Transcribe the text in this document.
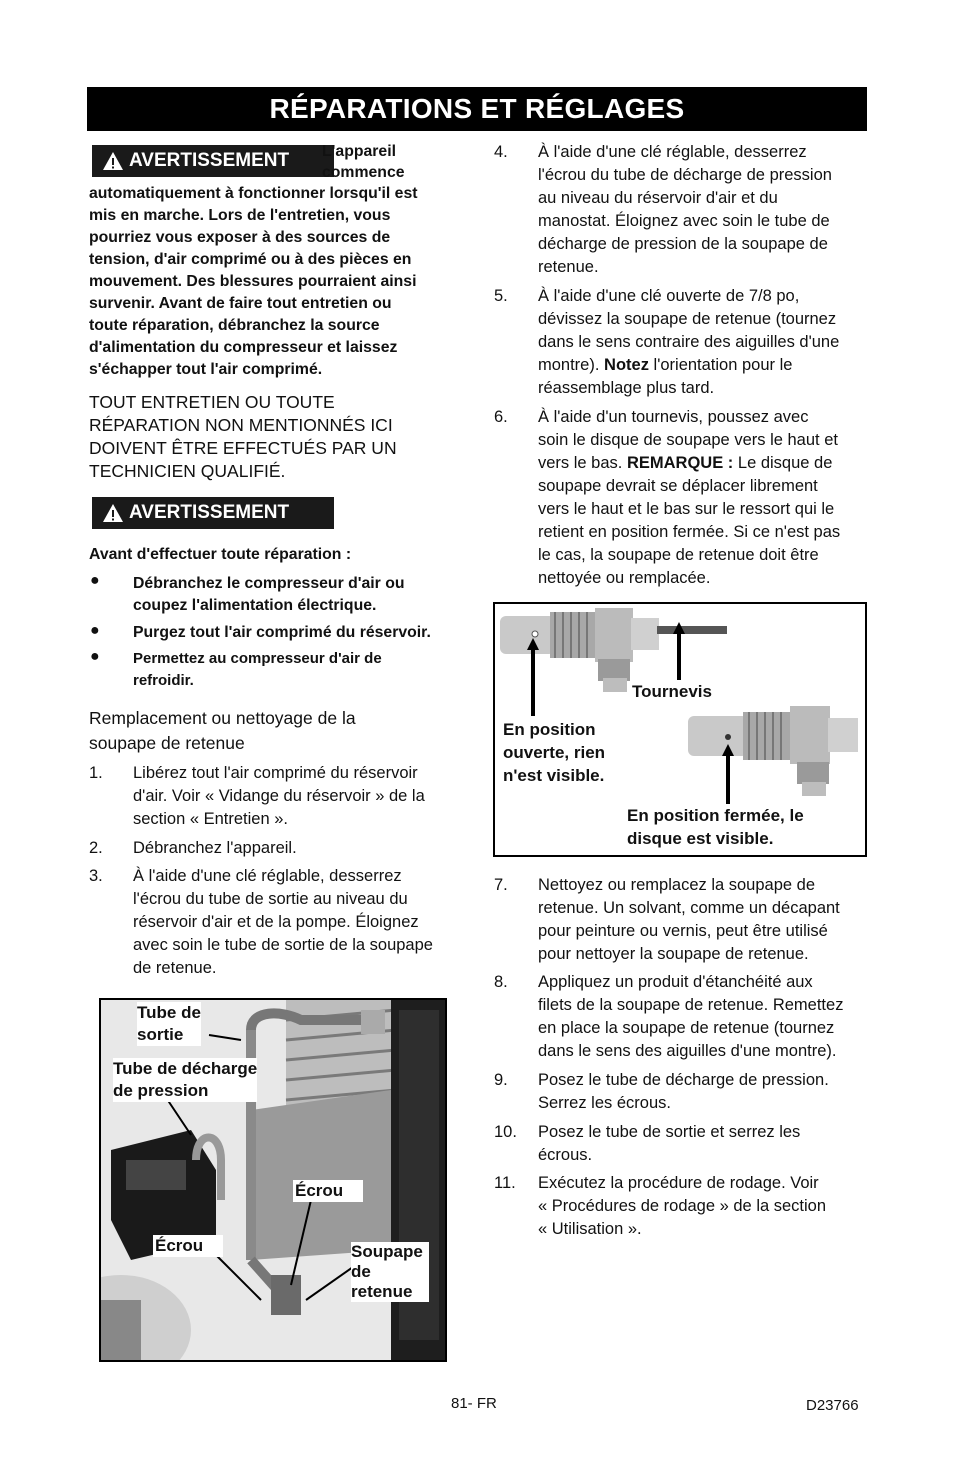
RÉPARATIONS ET RÉGLAGES
AVERTISSEMENT L'appareil
commence
automatiquement à fonctionner lorsqu'il est
mis en marche. Lors de l'entretien, vous
pourriez vous exposer à des sources de
tension, d'air comprimé ou à des pièces en
mouvement. Des blessures pourraient ainsi
survenir. Avant de faire tout entretien ou
toute réparation, débranchez la source
d'alimentation du compresseur et laissez
s'échapper tout l'air comprimé.
TOUT ENTRETIEN OU TOUTE
RÉPARATION NON MENTIONNÉS ICI
DOIVENT ÊTRE EFFECTUÉS PAR UN
TECHNICIEN QUALIFIÉ.
AVERTISSEMENT
Avant d'effectuer toute réparation :
● Débranchez le compresseur d'air ou
coupez l'alimentation électrique.
● Purgez tout l'air comprimé du réservoir.
● Permettez au compresseur d'air de
refroidir.
Remplacement ou nettoyage de la
soupape de retenue
1. Libérez tout l'air comprimé du réservoir
d'air. Voir « Vidange du réservoir » de la
section « Entretien ».
2. Débranchez l'appareil.
3. À l'aide d'une clé réglable, desserrez
l'écrou du tube de sortie au niveau du
réservoir d'air et de la pompe. Éloignez
avec soin le tube de sortie de la soupape
de retenue.
Tube de
sortie
Tube de décharge
de pression
Écrou
Écrou	Soupape
de
retenue
4. À l'aide d'une clé réglable, desserrez
l'écrou du tube de décharge de pression
au niveau du réservoir d'air et du
manostat. Éloignez avec soin le tube de
décharge de pression de la soupape de
retenue.
5. À l'aide d'une clé ouverte de 7/8 po,
dévissez la soupape de retenue (tournez
dans le sens contraire des aiguilles d'une
montre). Notez l'orientation pour le
réassemblage plus tard.
6. À l'aide d'un tournevis, poussez avec
soin le disque de soupape vers le haut et
vers le bas. REMARQUE : Le disque de
soupape devrait se déplacer librement
vers le haut et le bas sur le ressort qui le
retient en position fermée. Si ce n'est pas
le cas, la soupape de retenue doit être
nettoyée ou remplacée.
Tournevis
En position
ouverte, rien
n'est visible.
En position fermée, le
disque est visible.
7. Nettoyez ou remplacez la soupape de
retenue. Un solvant, comme un décapant
pour peinture ou vernis, peut être utilisé
pour nettoyer la soupape de retenue.
8. Appliquez un produit d'étanchéité aux
filets de la soupape de retenue. Remettez
en place la soupape de retenue (tournez
dans le sens des aiguilles d'une montre).
9. Posez le tube de décharge de pression.
Serrez les écrous.
10. Posez le tube de sortie et serrez les
écrous.
11. Exécutez la procédure de rodage. Voir
« Procédures de rodage » de la section
« Utilisation ».
81- FR	D23766
